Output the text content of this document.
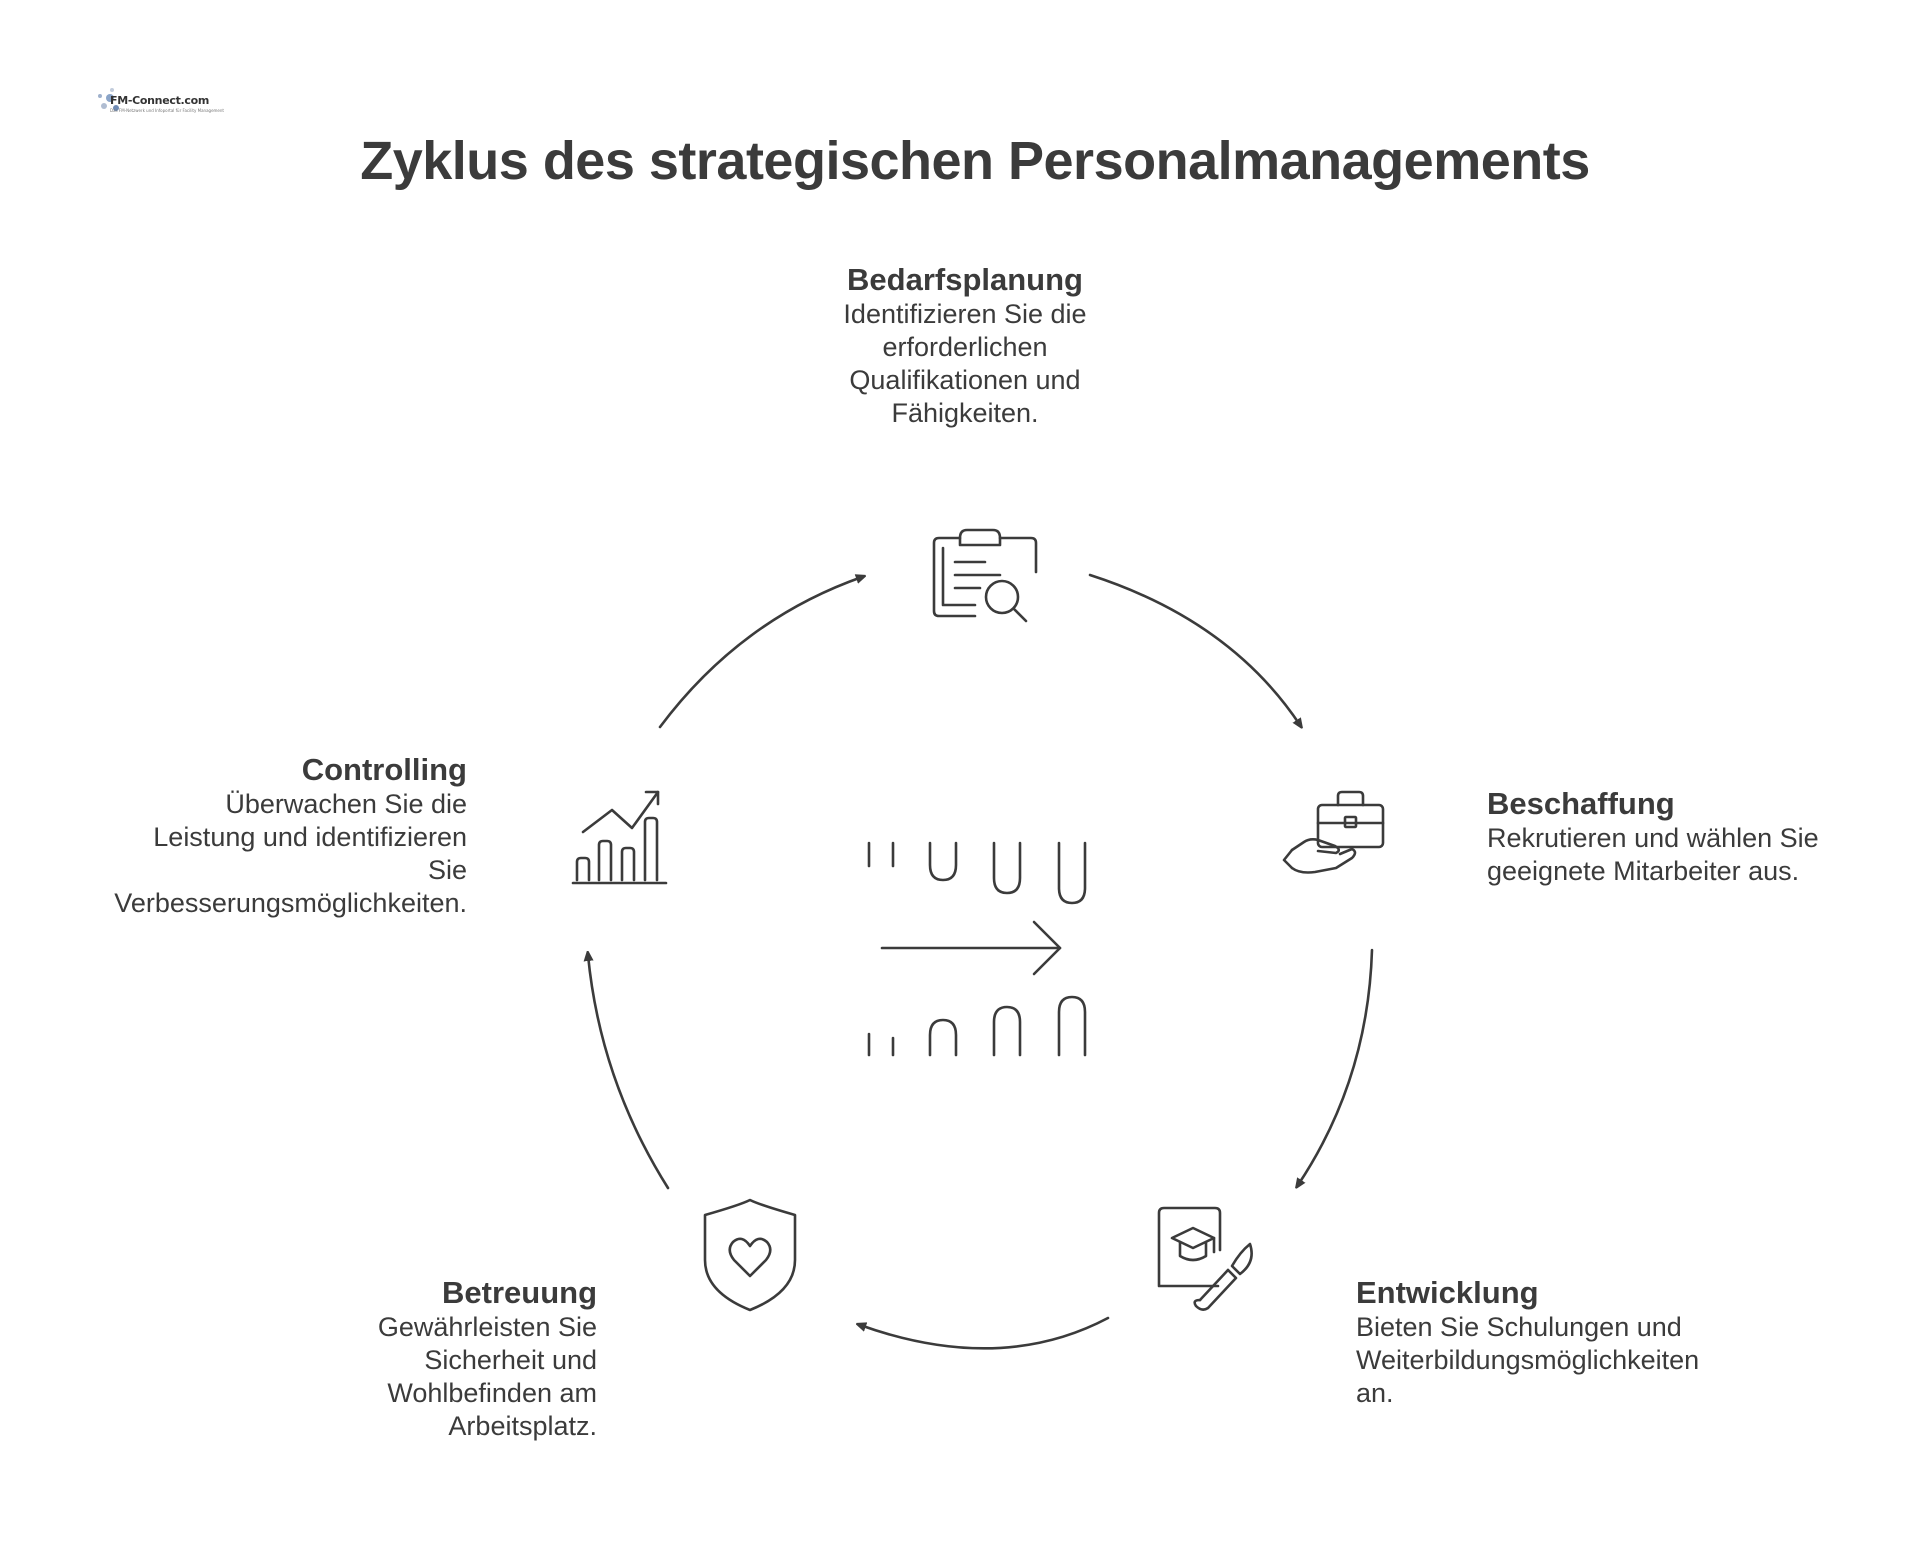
FM-Connect.com
Das FM-Netzwerk und Infoportal für Facility Management
Zyklus des strategischen Personalmanagements
Bedarfsplanung
Identifizieren Sie die
erforderlichen
Qualifikationen und
Fähigkeiten.
Beschaffung
Rekrutieren und wählen Sie
geeignete Mitarbeiter aus.
Entwicklung
Bieten Sie Schulungen und
Weiterbildungsmöglichkeiten
an.
Betreuung
Gewährleisten Sie
Sicherheit und
Wohlbefinden am
Arbeitsplatz.
Controlling
Überwachen Sie die
Leistung und identifizieren
Sie
Verbesserungsmöglichkeiten.
